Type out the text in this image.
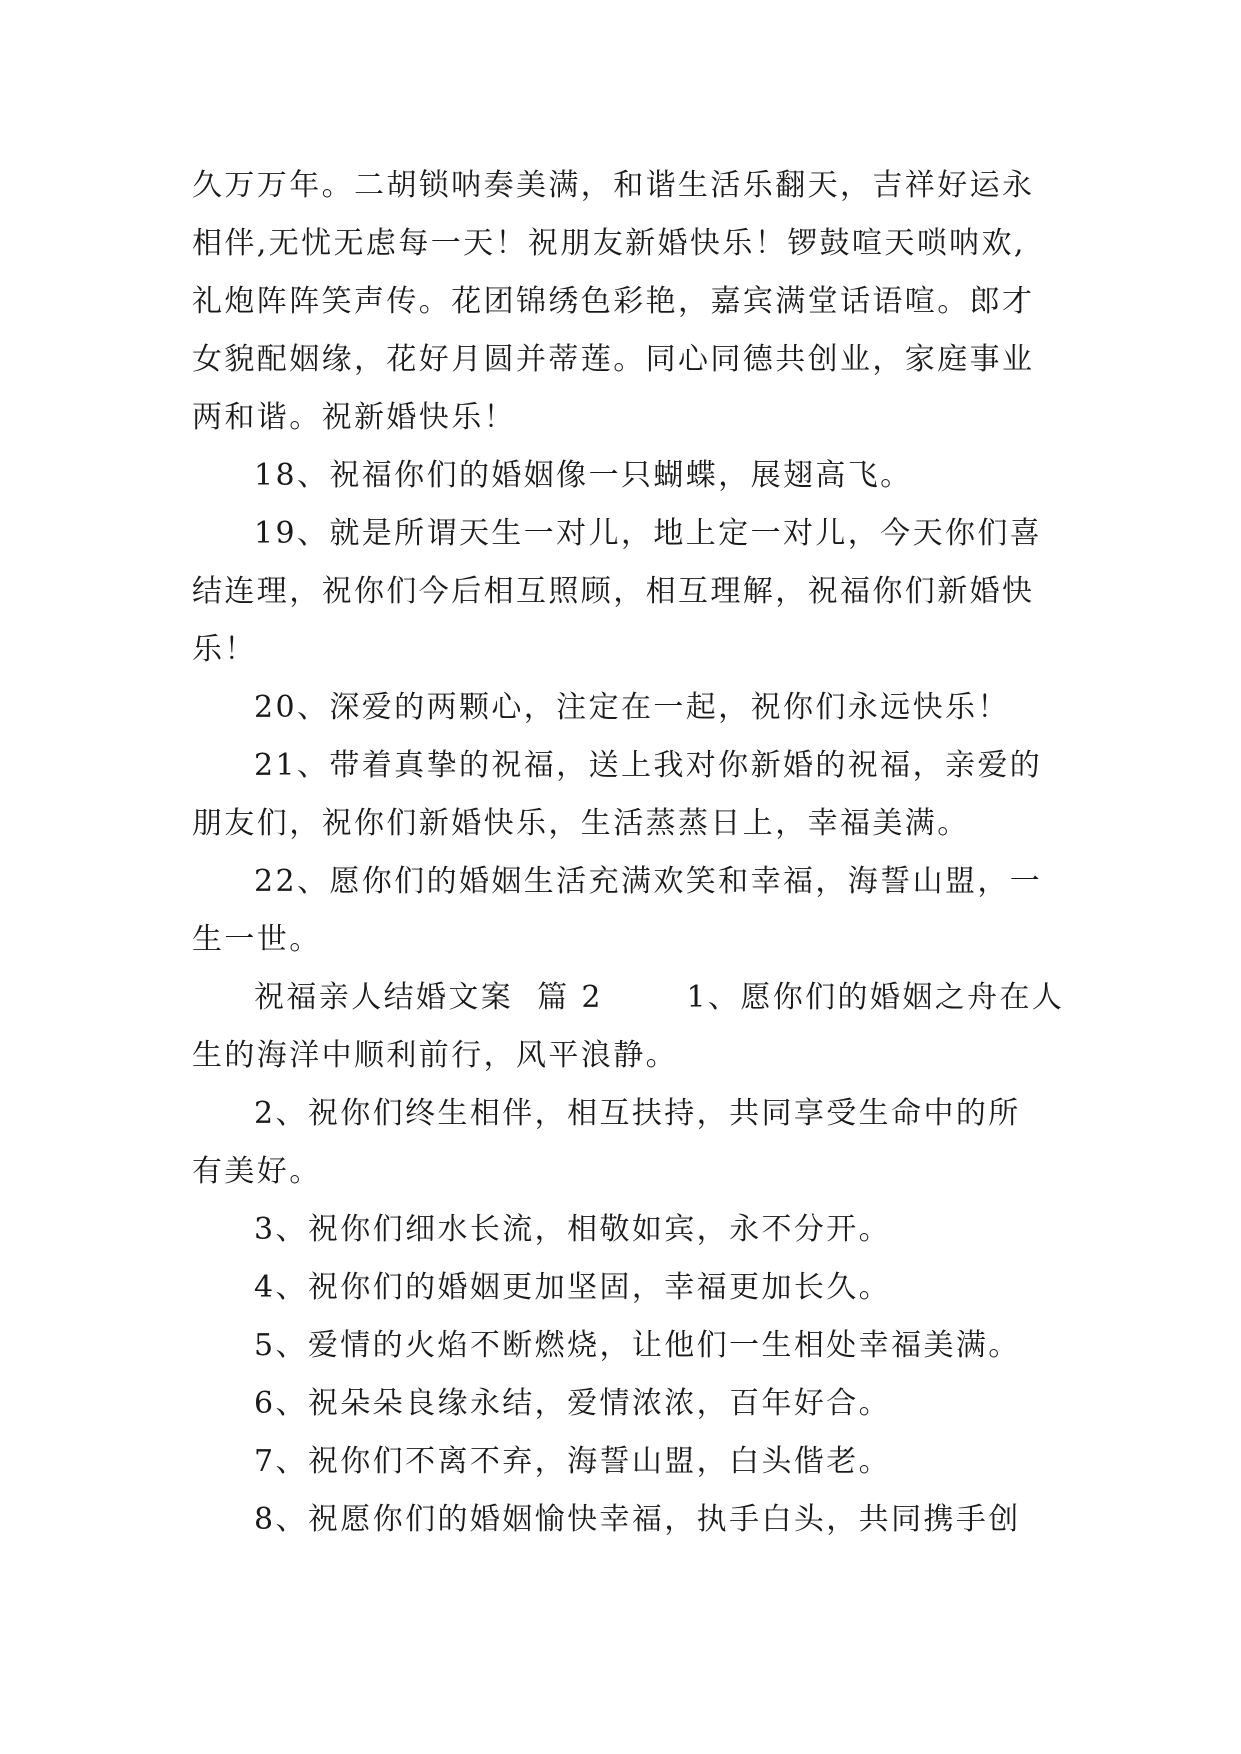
久万万年。二胡锁呐奏美满，和谐生活乐翻天，吉祥好运永
相伴,无忧无虑每一天！祝朋友新婚快乐！锣鼓喧天唢呐欢,
礼炮阵阵笑声传。花团锦绣色彩艳，嘉宾满堂话语喧。郎才
女貌配姻缘，花好月圆并蒂莲。同心同德共创业，家庭事业
两和谐。祝新婚快乐！
18、祝福你们的婚姻像一只蝴蝶，展翅高飞。
19、就是所谓天生一对儿，地上定一对儿，今天你们喜
结连理，祝你们今后相互照顾，相互理解，祝福你们新婚快
乐！
20、深爱的两颗心，注定在一起，祝你们永远快乐！
21、带着真挚的祝福，送上我对你新婚的祝福，亲爱的
朋友们，祝你们新婚快乐，生活蒸蒸日上，幸福美满。
22、愿你们的婚姻生活充满欢笑和幸福，海誓山盟，一
生一世。
祝福亲人结婚文案  篇 2       1、愿你们的婚姻之舟在人
生的海洋中顺利前行，风平浪静。
2、祝你们终生相伴，相互扶持，共同享受生命中的所
有美好。
3、祝你们细水长流，相敬如宾，永不分开。
4、祝你们的婚姻更加坚固，幸福更加长久。
5、爱情的火焰不断燃烧，让他们一生相处幸福美满。
6、祝朵朵良缘永结，爱情浓浓，百年好合。
7、祝你们不离不弃，海誓山盟，白头偕老。
8、祝愿你们的婚姻愉快幸福，执手白头，共同携手创
